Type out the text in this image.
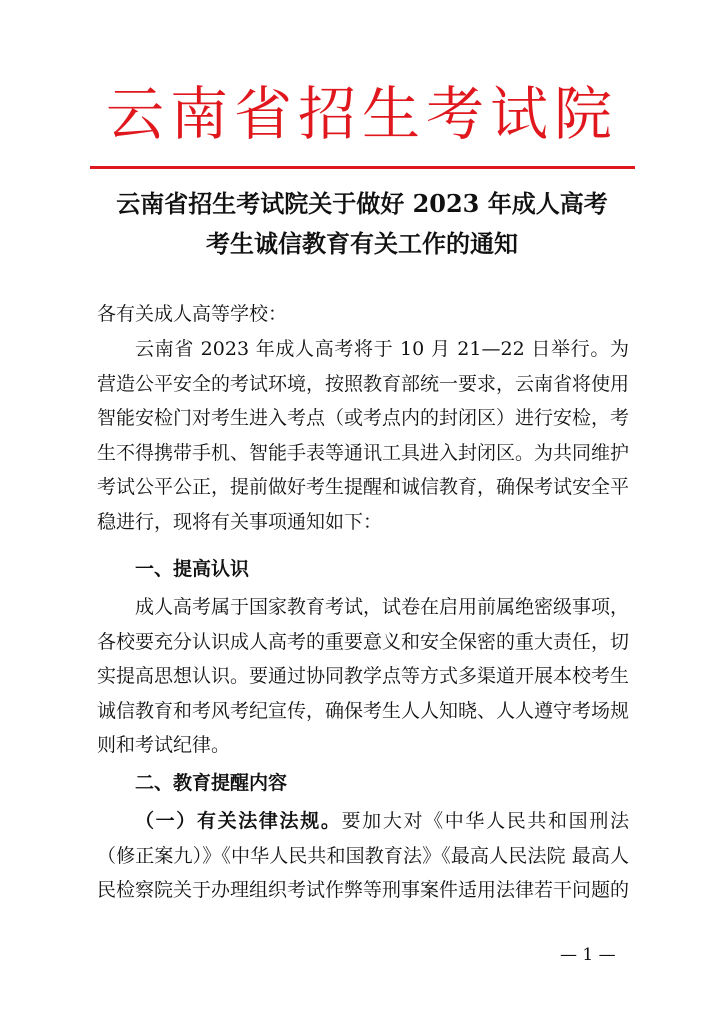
云南省招生考试院
云南省招生考试院关于做好 2023 年成人高考
考生诚信教育有关工作的通知
各有关成人高等学校：
云南省 2023 年成人高考将于 10 月 21—22 日举行。为营造公平安全的考试环境，按照教育部统一要求，云南省将使用智能安检门对考生进入考点（或考点内的封闭区）进行安检，考生不得携带手机、智能手表等通讯工具进入封闭区。为共同维护考试公平公正，提前做好考生提醒和诚信教育，确保考试安全平稳进行，现将有关事项通知如下：
一、提高认识
成人高考属于国家教育考试，试卷在启用前属绝密级事项，各校要充分认识成人高考的重要意义和安全保密的重大责任，切实提高思想认识。要通过协同教学点等方式多渠道开展本校考生诚信教育和考风考纪宣传，确保考生人人知晓、人人遵守考场规则和考试纪律。
二、教育提醒内容
（一）有关法律法规。要加大对《中华人民共和国刑法（修正案九）》《中华人民共和国教育法》《最高人民法院 最高人民检察院关于办理组织考试作弊等刑事案件适用法律若干问题的
— 1 —
